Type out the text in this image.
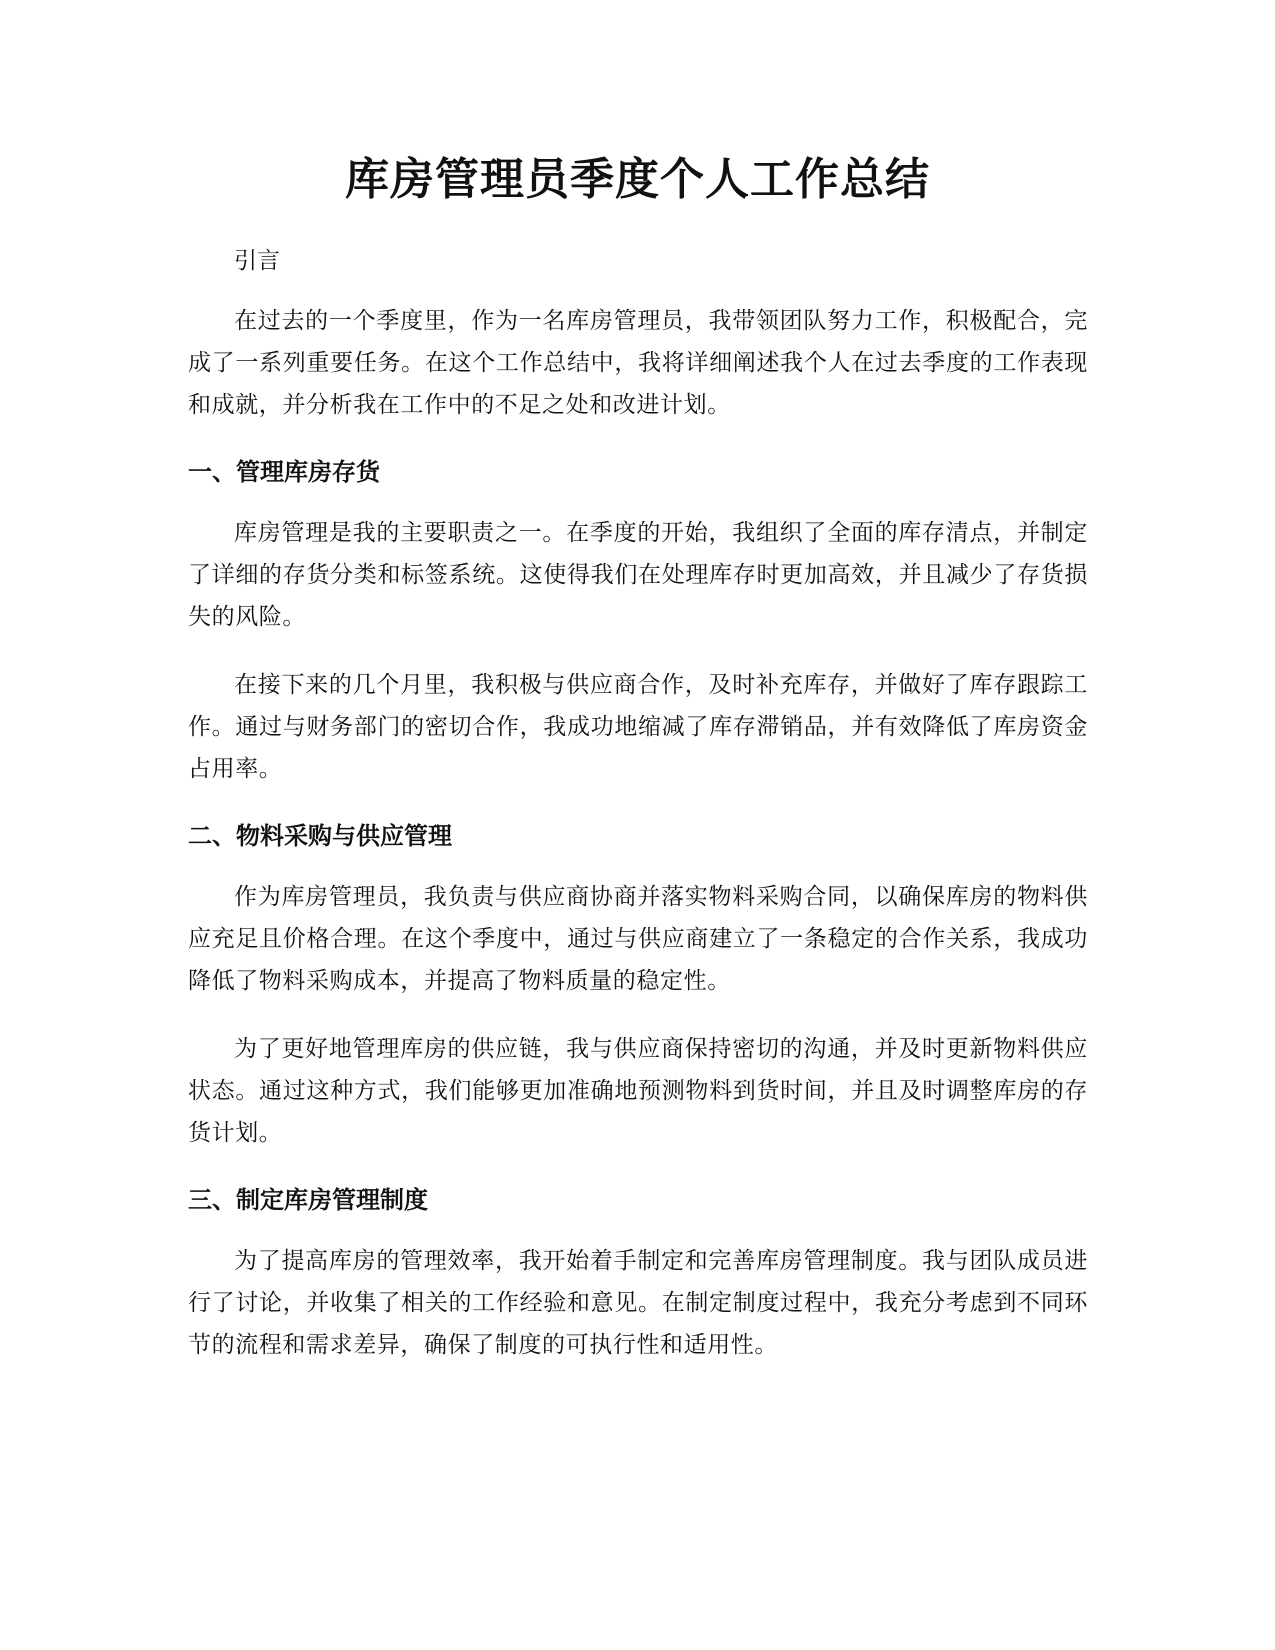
库房管理员季度个人工作总结

引言

在过去的一个季度里，作为一名库房管理员，我带领团队努力工作，积极配合，完成了一系列重要任务。在这个工作总结中，我将详细阐述我个人在过去季度的工作表现和成就，并分析我在工作中的不足之处和改进计划。

一、管理库房存货

库房管理是我的主要职责之一。在季度的开始，我组织了全面的库存清点，并制定了详细的存货分类和标签系统。这使得我们在处理库存时更加高效，并且减少了存货损失的风险。

在接下来的几个月里，我积极与供应商合作，及时补充库存，并做好了库存跟踪工作。通过与财务部门的密切合作，我成功地缩减了库存滞销品，并有效降低了库房资金占用率。

二、物料采购与供应管理

作为库房管理员，我负责与供应商协商并落实物料采购合同，以确保库房的物料供应充足且价格合理。在这个季度中，通过与供应商建立了一条稳定的合作关系，我成功降低了物料采购成本，并提高了物料质量的稳定性。

为了更好地管理库房的供应链，我与供应商保持密切的沟通，并及时更新物料供应状态。通过这种方式，我们能够更加准确地预测物料到货时间，并且及时调整库房的存货计划。

三、制定库房管理制度

为了提高库房的管理效率，我开始着手制定和完善库房管理制度。我与团队成员进行了讨论，并收集了相关的工作经验和意见。在制定制度过程中，我充分考虑到不同环节的流程和需求差异，确保了制度的可执行性和适用性。
